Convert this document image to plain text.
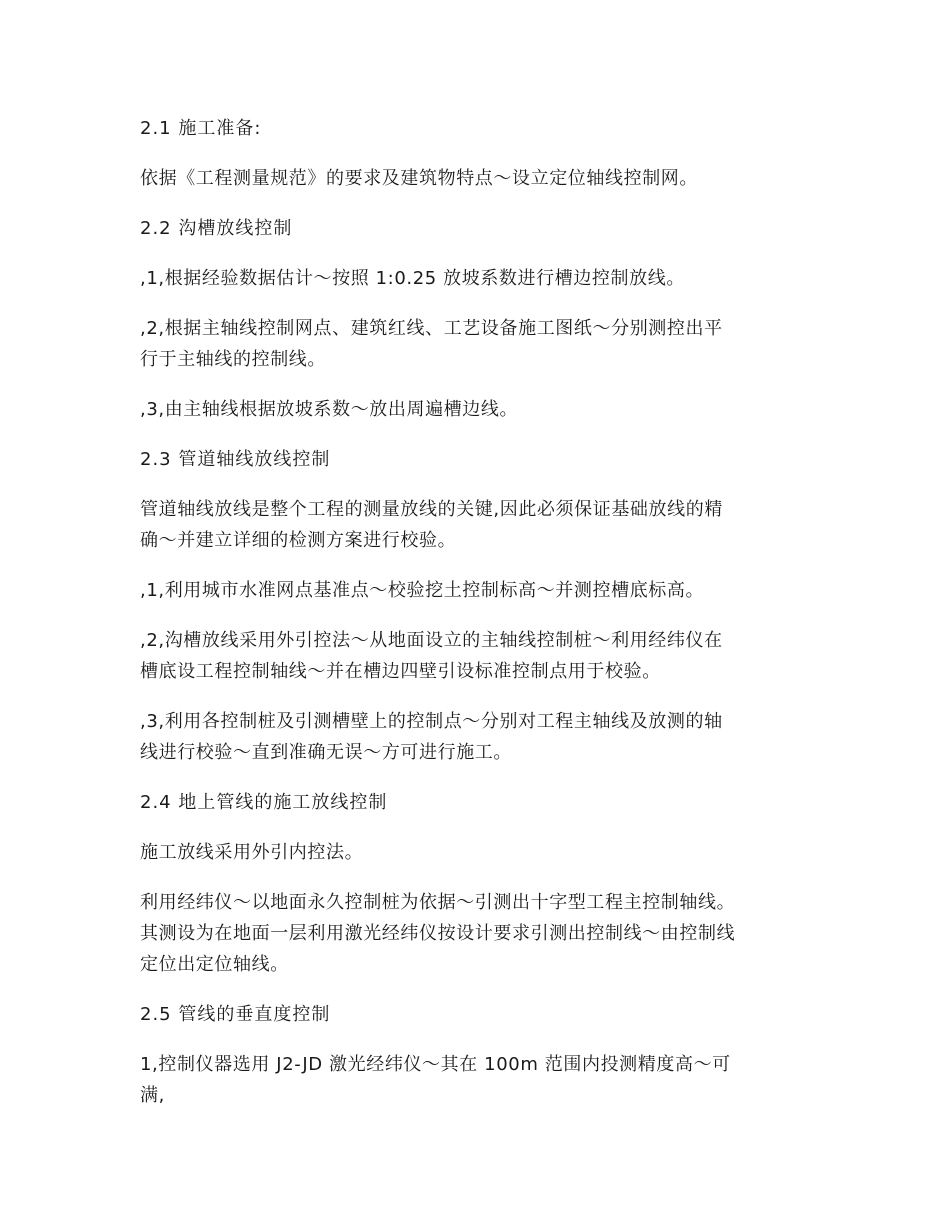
2.1 施工准备:

依据《工程测量规范》的要求及建筑物特点～设立定位轴线控制网。

2.2 沟槽放线控制

,1,根据经验数据估计～按照 1:0.25 放坡系数进行槽边控制放线。

,2,根据主轴线控制网点、建筑红线、工艺设备施工图纸～分别测控出平
行于主轴线的控制线。

,3,由主轴线根据放坡系数～放出周遍槽边线。

2.3 管道轴线放线控制

管道轴线放线是整个工程的测量放线的关键,因此必须保证基础放线的精
确～并建立详细的检测方案进行校验。

,1,利用城市水准网点基准点～校验挖土控制标高～并测控槽底标高。

,2,沟槽放线采用外引控法～从地面设立的主轴线控制桩～利用经纬仪在
槽底设工程控制轴线～并在槽边四壁引设标准控制点用于校验。

,3,利用各控制桩及引测槽壁上的控制点～分别对工程主轴线及放测的轴
线进行校验～直到准确无误～方可进行施工。

2.4 地上管线的施工放线控制

施工放线采用外引内控法。

利用经纬仪～以地面永久控制桩为依据～引测出十字型工程主控制轴线。
其测设为在地面一层利用激光经纬仪按设计要求引测出控制线～由控制线
定位出定位轴线。

2.5 管线的垂直度控制

1,控制仪器选用 J2-JD 激光经纬仪～其在 100m 范围内投测精度高～可
满,
